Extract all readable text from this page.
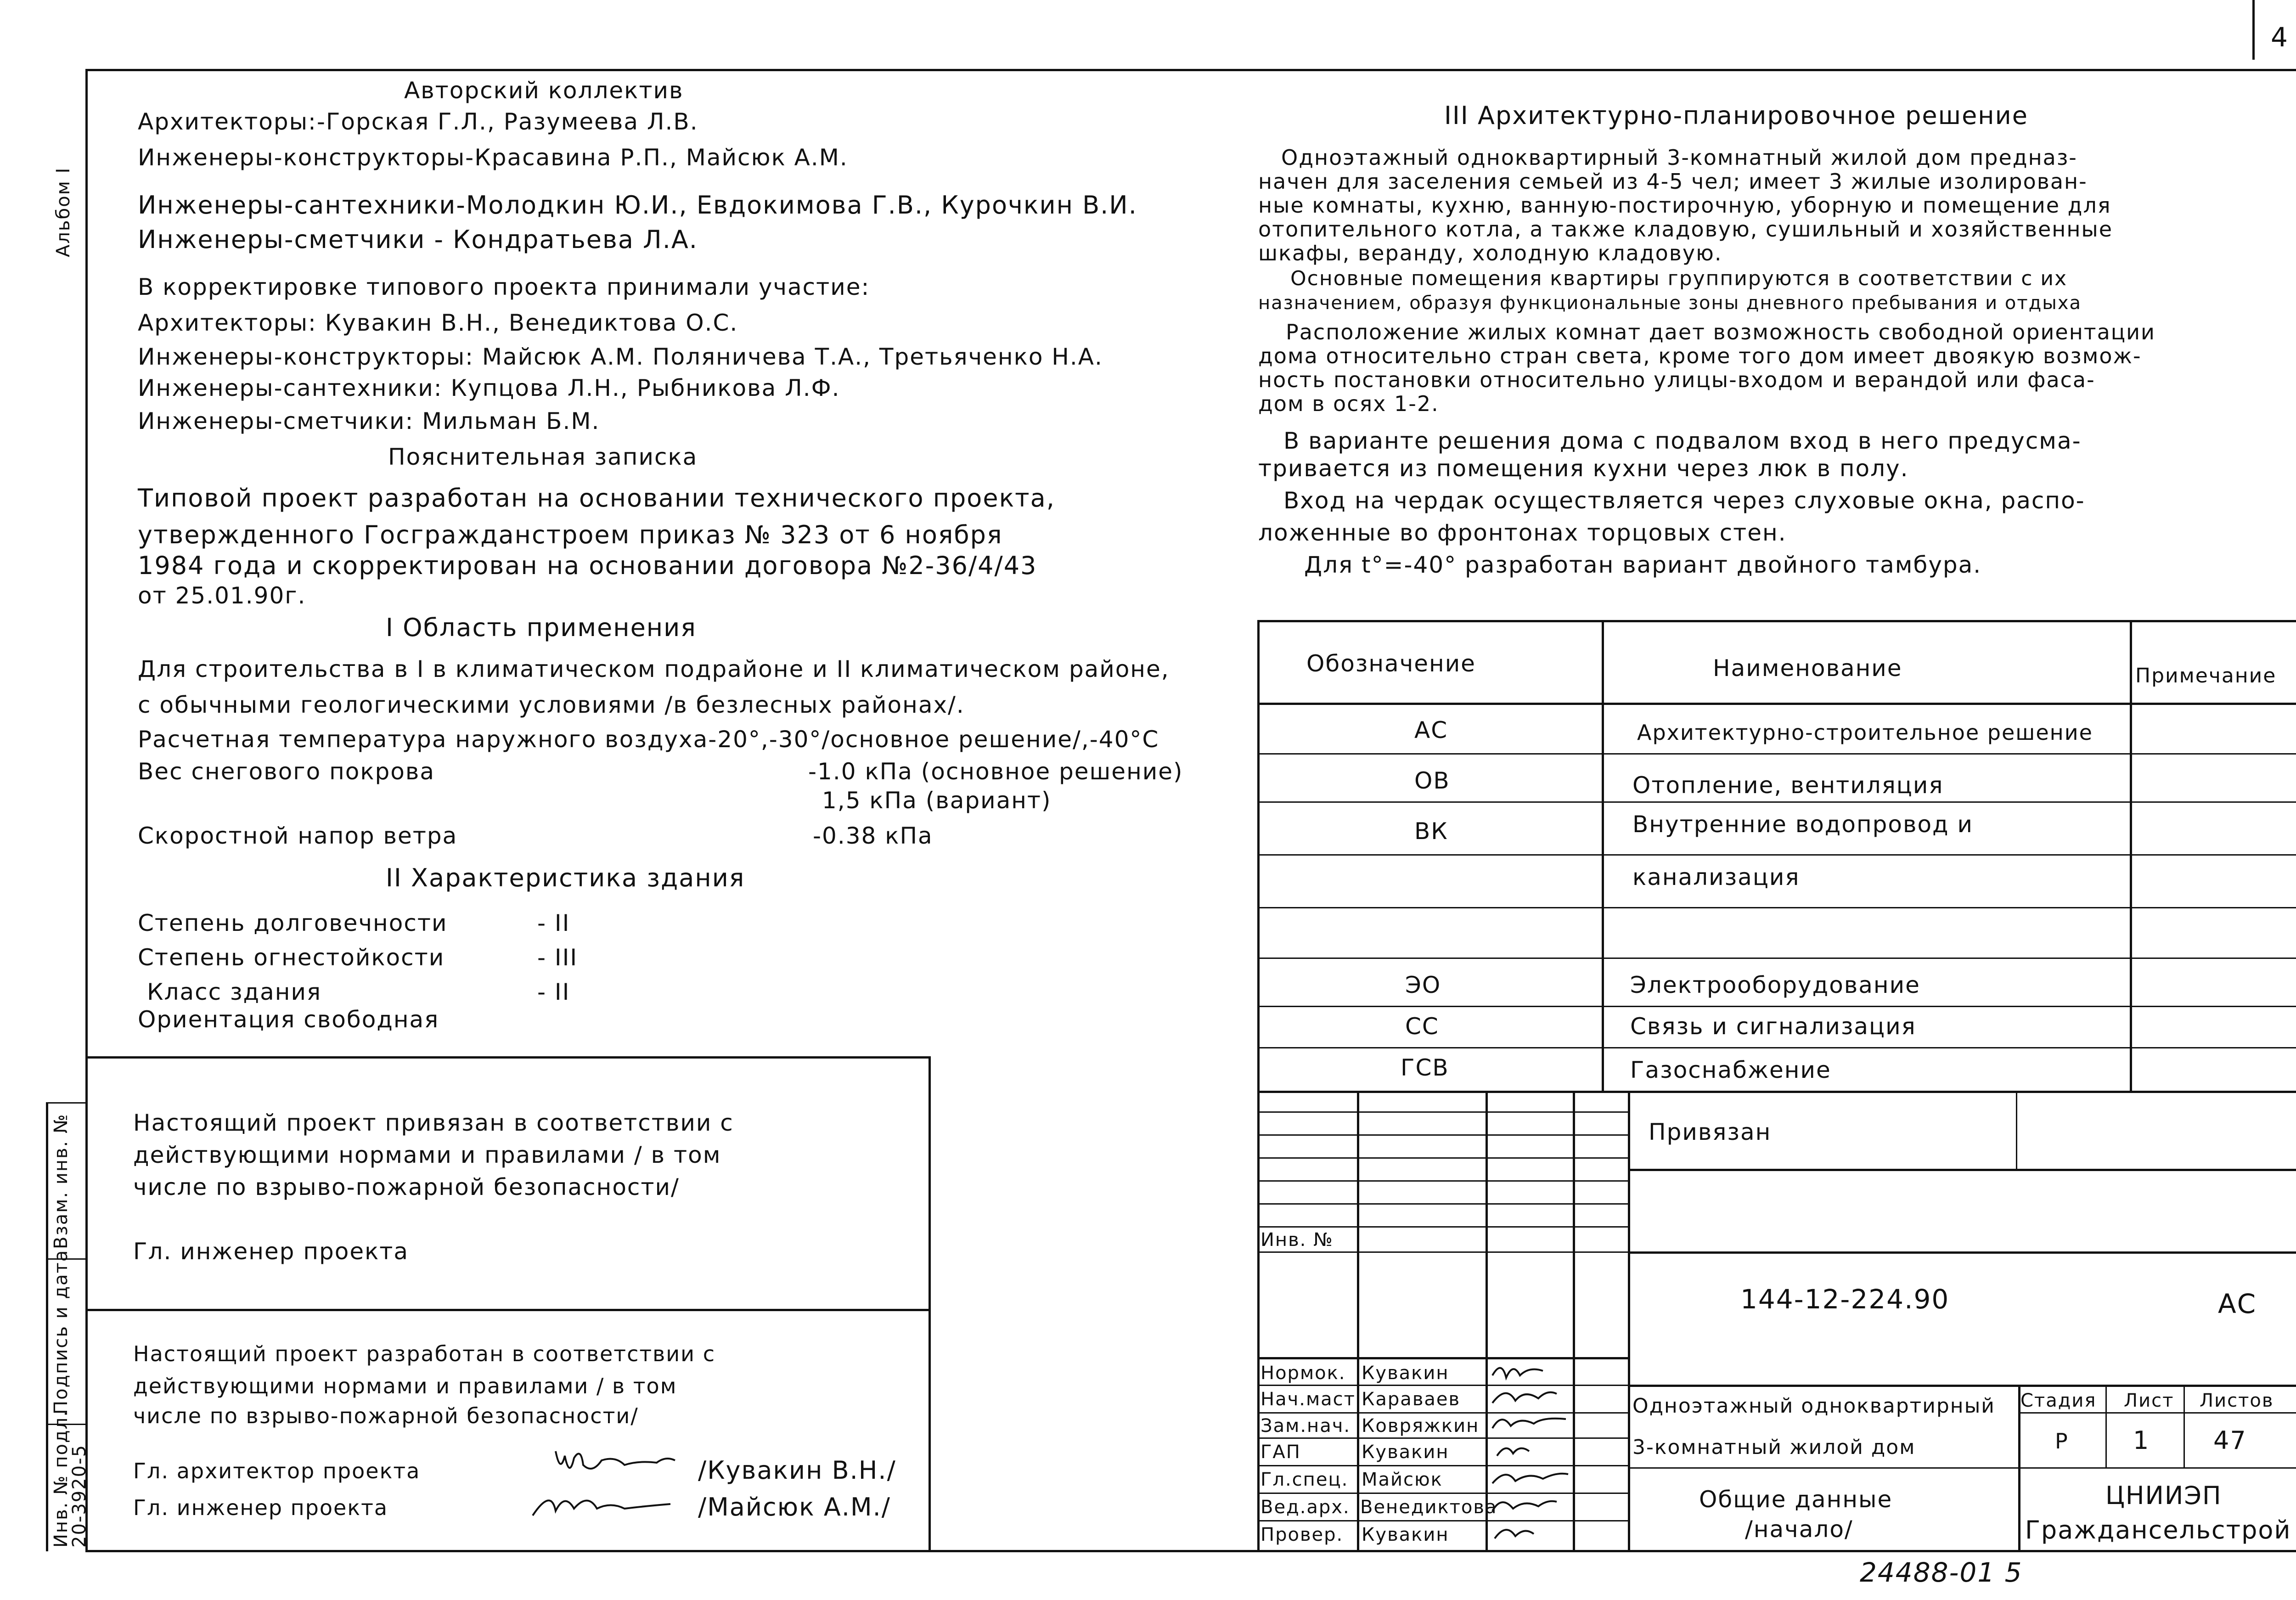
4
Альбом I
Взам. инв. №
Подпись и дата
Инв. № подл.
20-3920-5
Авторский коллектив
Архитекторы:-Горская Г.Л., Разумеева Л.В.
Инженеры-конструкторы-Красавина Р.П., Майсюк А.М.
Инженеры-сантехники-Молодкин Ю.И., Евдокимова Г.В., Курочкин В.И.
Инженеры-сметчики - Кондратьева Л.А.
В корректировке типового проекта принимали участие:
Архитекторы: Кувакин В.Н., Венедиктова О.С.
Инженеры-конструкторы: Майсюк А.М. Поляничева Т.А., Третьяченко Н.А.
Инженеры-сантехники: Купцова Л.Н., Рыбникова Л.Ф.
Инженеры-сметчики: Мильман Б.М.
Пояснительная записка
Типовой проект разработан на основании технического проекта,
утвержденного Госгражданстроем приказ № 323 от 6 ноября
1984 года и скорректирован на основании договора №2-36/4/43
от 25.01.90г.
I Область применения
Для строительства в I в климатическом подрайоне и II климатическом районе,
с обычными геологическими условиями /в безлесных районах/.
Расчетная температура наружного воздуха-20°,-30°/основное решение/,-40°С
Вес снегового покрова	-1.0 кПа (основное решение)
1,5 кПа (вариант)
Скоростной напор ветра	-0.38 кПа
II Характеристика здания
Степень долговечности	- II
Степень огнестойкости	- III
Класс здания	- II
Ориентация свободная
Настоящий проект привязан в соответствии с
действующими нормами и правилами / в том
числе по взрыво-пожарной безопасности/
Гл. инженер проекта
Настоящий проект разработан в соответствии с
действующими нормами и правилами / в том
числе по взрыво-пожарной безопасности/
Гл. архитектор проекта
Гл. инженер проекта
/Кувакин В.Н./
/Майсюк А.М./
III Архитектурно-планировочное решение
Одноэтажный одноквартирный 3-комнатный жилой дом предназ-
начен для заселения семьей из 4-5 чел; имеет 3 жилые изолирован-
ные комнаты, кухню, ванную-постирочную, уборную и помещение для
отопительного котла, а также кладовую, сушильный и хозяйственные
шкафы, веранду, холодную кладовую.
Основные помещения квартиры группируются в соответствии с их
назначением, образуя функциональные зоны дневного пребывания и отдыха
Расположение жилых комнат дает возможность свободной ориентации
дома относительно стран света, кроме того дом имеет двоякую возмож-
ность постановки относительно улицы-входом и верандой или фаса-
дом в осях 1-2.
В варианте решения дома с подвалом вход в него предусма-
тривается из помещения кухни через люк в полу.
Вход на чердак осуществляется через слуховые окна, распо-
ложенные во фронтонах торцовых стен.
Для t°=-40° разработан вариант двойного тамбура.
Обозначение	Наименование	Примечание
АС	Архитектурно-строительное решение
ОВ	Отопление, вентиляция
ВК	Внутренние водопровод и
канализация
ЭО	Электрооборудование
СС	Связь и сигнализация
ГСВ	Газоснабжение
Привязан
Инв. №
144-12-224.90	АС
Нормок. Кувакин
Нач.маст Караваев
Зам.нач. Ковряжкин
ГАП	Кувакин
Гл.спец. Майсюк
Вед.арх. Венедиктова
Провер. Кувакин
Одноэтажный одноквартирный
3-комнатный жилой дом
Стадия Лист Листов
Р	1	47
Общие данные
/начало/
ЦНИИЭП
Граждансельстрой
24488-01 5
